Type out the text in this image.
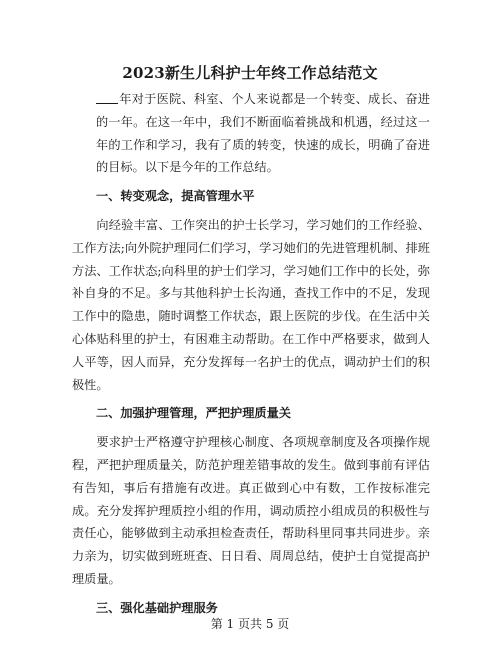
2023新生儿科护士年终工作总结范文

年对于医院、科室、个人来说都是一个转变、成长、奋进的一年。在这一年中，我们不断面临着挑战和机遇，经过这一年的工作和学习，我有了质的转变，快速的成长，明确了奋进的目标。以下是今年的工作总结。

一、转变观念，提高管理水平

向经验丰富、工作突出的护士长学习，学习她们的工作经验、工作方法;向外院护理同仁们学习，学习她们的先进管理机制、排班方法、工作状态;向科里的护士们学习，学习她们工作中的长处，弥补自身的不足。多与其他科护士长沟通，查找工作中的不足，发现工作中的隐患，随时调整工作状态，跟上医院的步伐。在生活中关心体贴科里的护士，有困难主动帮助。在工作中严格要求，做到人人平等，因人而异，充分发挥每一名护士的优点，调动护士们的积极性。

二、加强护理管理，严把护理质量关

要求护士严格遵守护理核心制度、各项规章制度及各项操作规程，严把护理质量关，防范护理差错事故的发生。做到事前有评估有告知，事后有措施有改进。真正做到心中有数，工作按标准完成。充分发挥护理质控小组的作用，调动质控小组成员的积极性与责任心，能够做到主动承担检查责任，帮助科里同事共同进步。亲力亲为，切实做到班班查、日日看、周周总结，使护士自觉提高护理质量。

三、强化基础护理服务
第 1 页共 5 页
